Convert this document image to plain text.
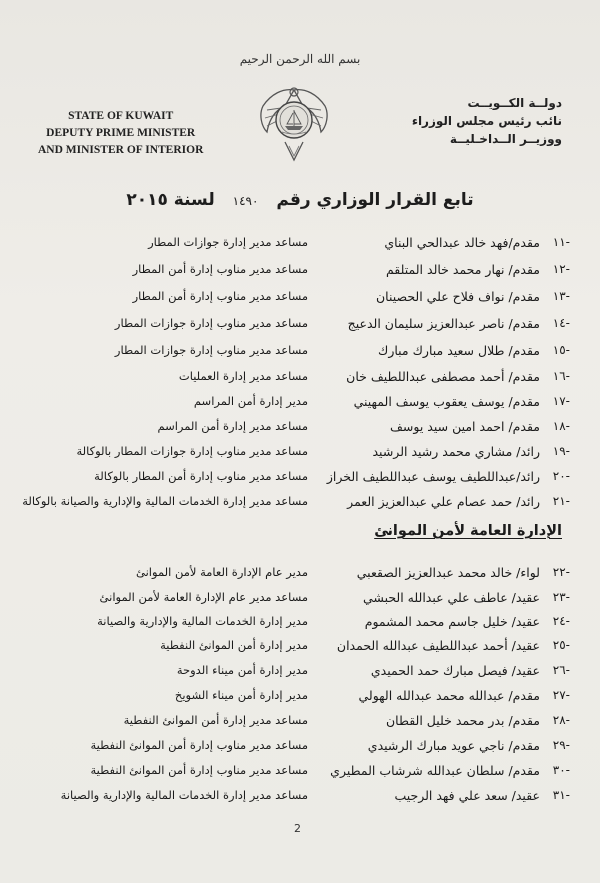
بسم الله الرحمن الرحيم
STATE OF KUWAIT
DEPUTY PRIME MINISTER
AND MINISTER OF INTERIOR
دولــة الكــويــت
نائب رئيس مجلس الوزراء
ووزيــر الــداخـليــة
تابع القرار الوزاري رقم ١٤٩٠ لسنة ٢٠١٥
-١١
مقدم/فهد خالد عبدالحي البناي
مساعد مدير إدارة جوازات المطار
-١٢
مقدم/ نهار محمد خالد المتلقم
مساعد مدير مناوب إدارة أمن المطار
-١٣
مقدم/ نواف فلاح علي الحصينان
مساعد مدير مناوب إدارة أمن المطار
-١٤
مقدم/ ناصر عبدالعزيز سليمان الدعيج
مساعد مدير مناوب إدارة جوازات المطار
-١٥
مقدم/ طلال سعيد مبارك مبارك
مساعد مدير مناوب إدارة جوازات المطار
-١٦
مقدم/ أحمد مصطفى عبداللطيف خان
مساعد مدير إدارة العمليات
-١٧
مقدم/ يوسف يعقوب يوسف المهيني
مدير إدارة أمن المراسم
-١٨
مقدم/ احمد امين سيد يوسف
مساعد مدير إدارة أمن المراسم
-١٩
رائد/ مشاري محمد رشيد الرشيد
مساعد مدير مناوب إدارة جوازات المطار بالوكالة
-٢٠
رائد/عبداللطيف يوسف عبداللطيف الخراز
مساعد مدير مناوب إدارة أمن المطار بالوكالة
-٢١
رائد/ حمد عصام علي عبدالعزيز العمر
مساعد مدير إدارة الخدمات المالية والإدارية والصيانة بالوكالة
-٢٢
لواء/ خالد محمد عبدالعزيز الصقعبي
مدير عام الإدارة العامة لأمن الموانئ
-٢٣
عقيد/ عاطف علي عبدالله الحبشي
مساعد مدير عام الإدارة العامة لأمن الموانئ
-٢٤
عقيد/ خليل جاسم محمد المشموم
مدير إدارة الخدمات المالية والإدارية والصيانة
-٢٥
عقيد/ أحمد عبداللطيف عبدالله الحمدان
مدير إدارة أمن الموانئ النفطية
-٢٦
عقيد/ فيصل مبارك حمد الحميدي
مدير إدارة أمن ميناء الدوحة
-٢٧
مقدم/ عبدالله محمد عبدالله الهولي
مدير إدارة أمن ميناء الشويخ
-٢٨
مقدم/ بدر محمد خليل القطان
مساعد مدير إدارة أمن الموانئ النفطية
-٢٩
مقدم/ ناجي عويد مبارك الرشيدي
مساعد مدير مناوب إدارة أمن الموانئ النفطية
-٣٠
مقدم/ سلطان عبدالله شرشاب المطيري
مساعد مدير مناوب إدارة أمن الموانئ النفطية
-٣١
عقيد/ سعد علي فهد الرجيب
مساعد مدير إدارة الخدمات المالية والإدارية والصيانة
الإدارة العامة لأمن الموانئ
2
